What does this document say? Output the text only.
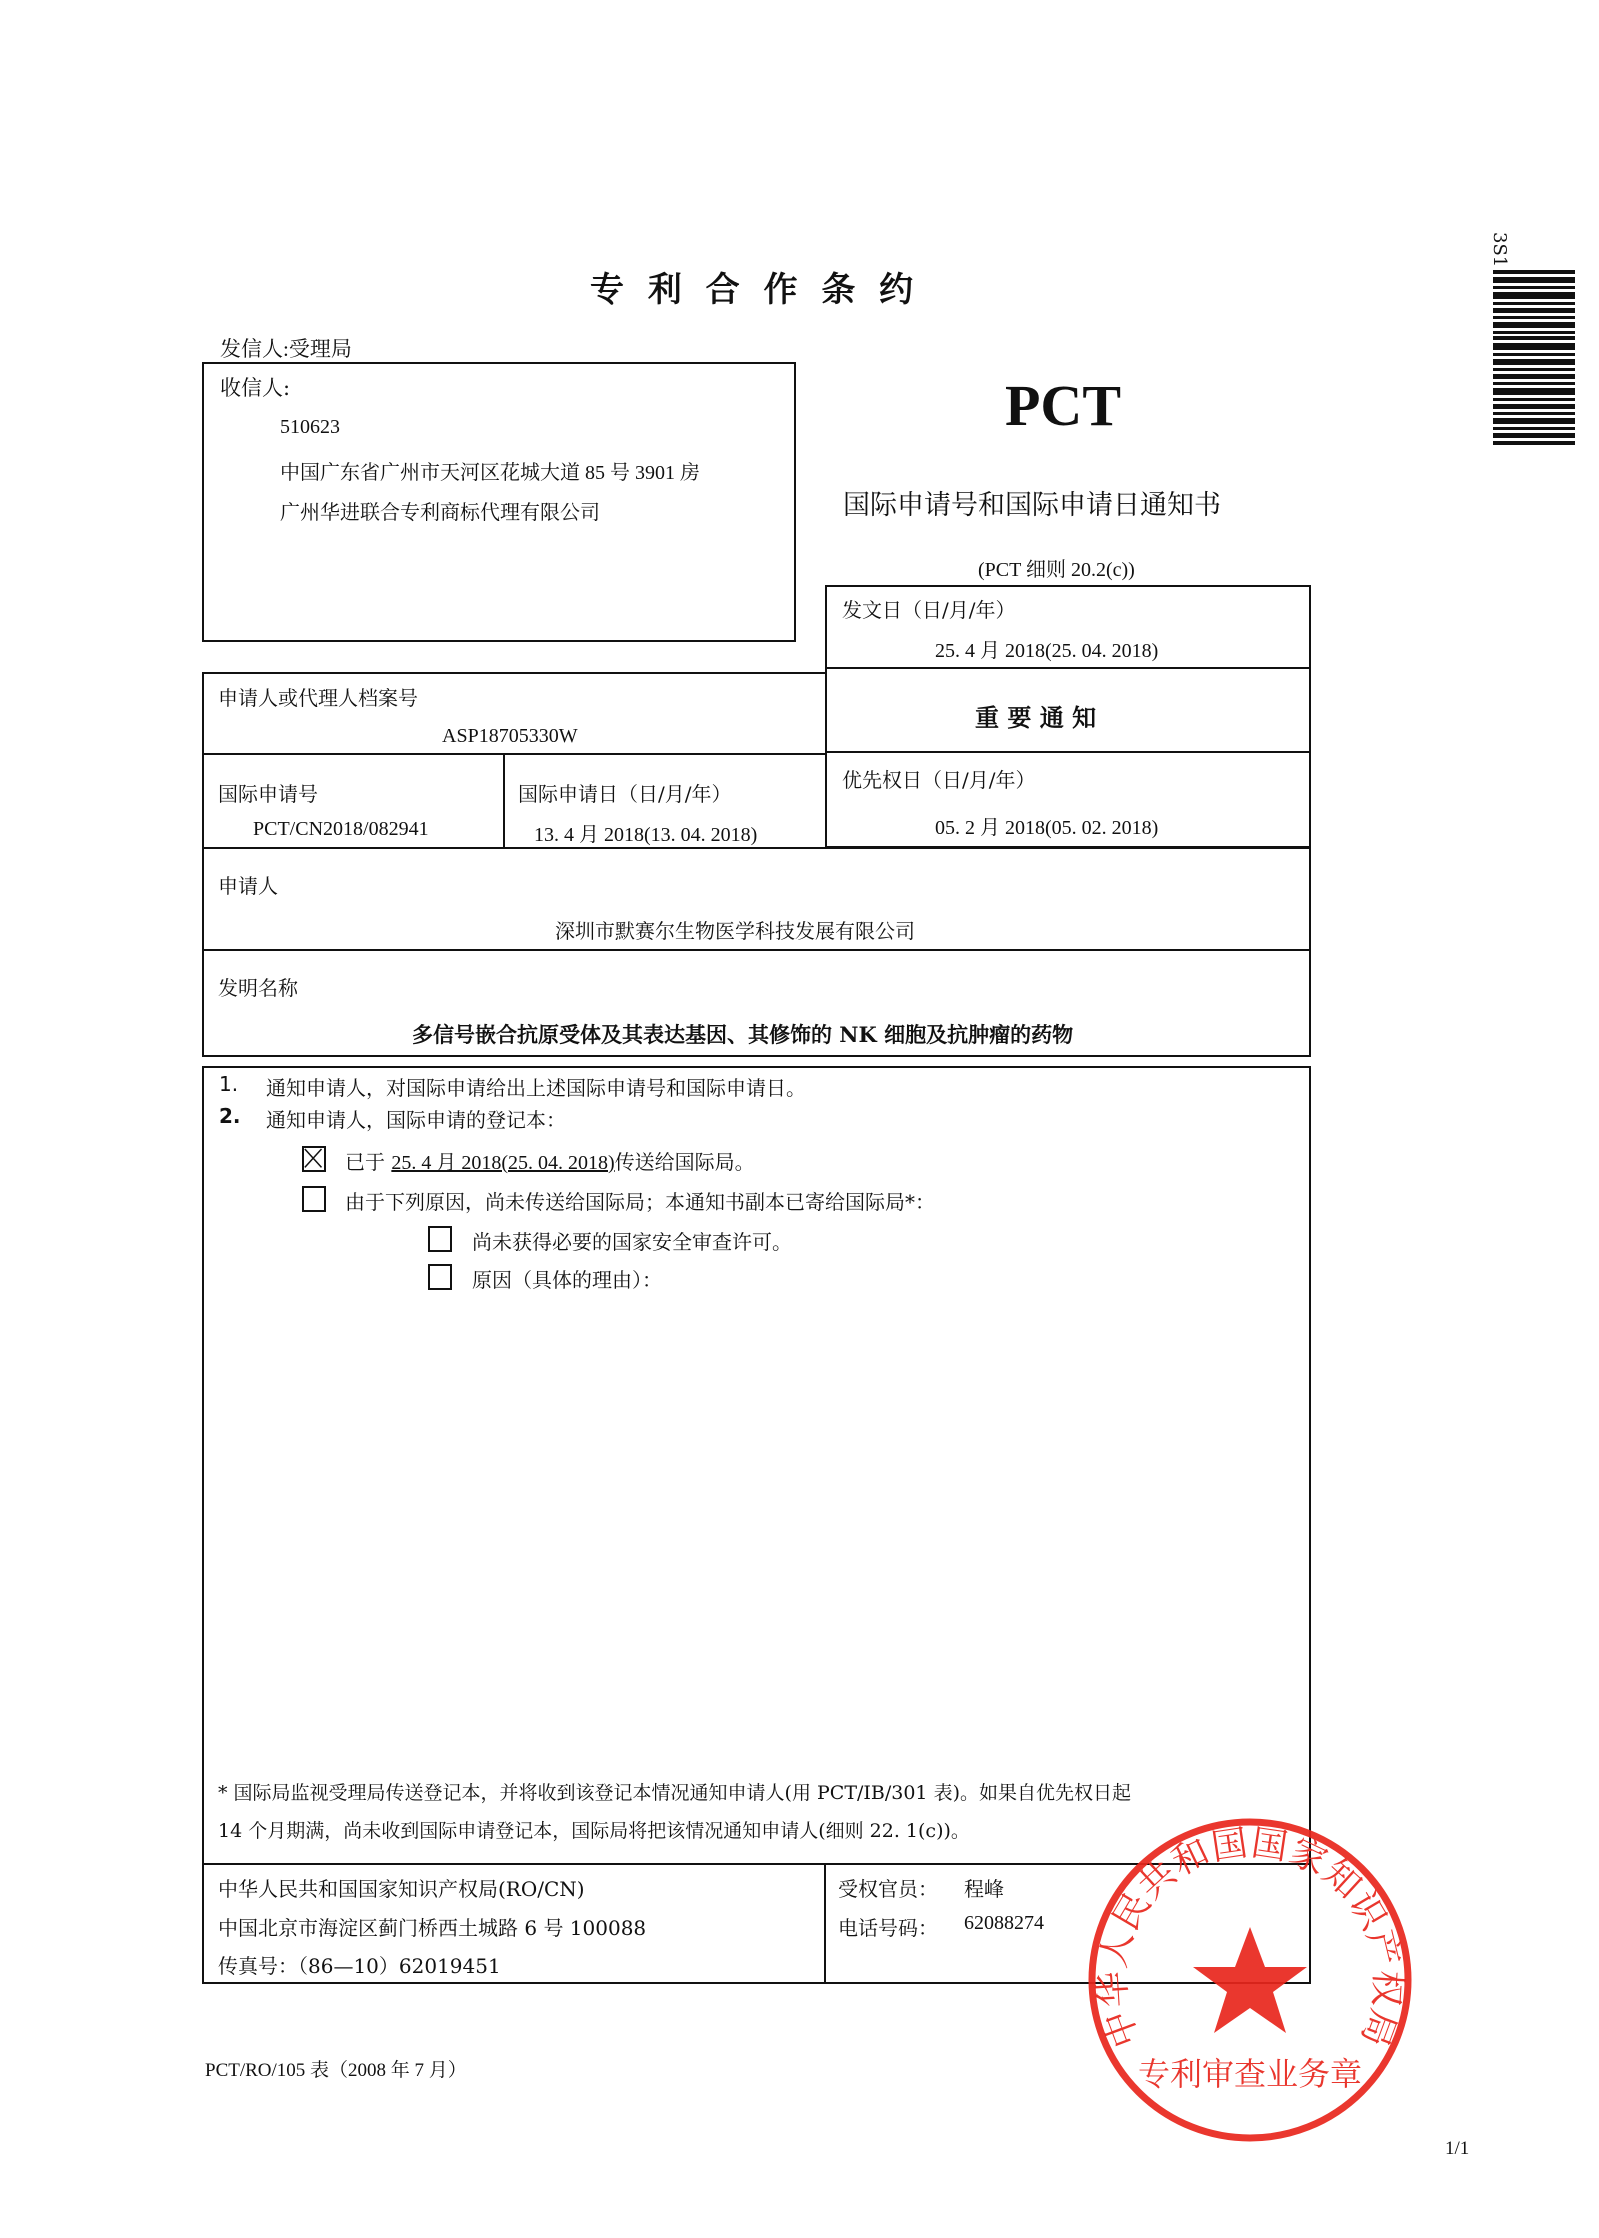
专 利 合 作 条 约
3S1
发信人:受理局
收信人:
510623
中国广东省广州市天河区花城大道 85 号 3901 房
广州华进联合专利商标代理有限公司
PCT
国际申请号和国际申请日通知书
(PCT 细则 20.2(c))
发文日（日/月/年）
25. 4 月 2018(25. 04. 2018)
重 要 通 知
优先权日（日/月/年）
05. 2 月 2018(05. 02. 2018)
申请人或代理人档案号
ASP18705330W
国际申请号
PCT/CN2018/082941
国际申请日（日/月/年）
13. 4 月 2018(13. 04. 2018)
申请人
深圳市默赛尔生物医学科技发展有限公司
发明名称
多信号嵌合抗原受体及其表达基因、其修饰的 NK 细胞及抗肿瘤的药物
1. 通知申请人，对国际申请给出上述国际申请号和国际申请日。
2. 通知申请人，国际申请的登记本：
已于 25. 4 月 2018(25. 04. 2018)传送给国际局。
由于下列原因，尚未传送给国际局；本通知书副本已寄给国际局*：
尚未获得必要的国家安全审查许可。
原因（具体的理由）：
* 国际局监视受理局传送登记本，并将收到该登记本情况通知申请人(用 PCT/IB/301 表)。如果自优先权日起
14 个月期满，尚未收到国际申请登记本，国际局将把该情况通知申请人(细则 22. 1(c))。
中华人民共和国国家知识产权局(RO/CN)
中国北京市海淀区蓟门桥西土城路 6 号 100088
传真号：（86—10）62019451
受权官员： 程峰
电话号码： 62088274
中华人民共和国国家知识产权局
专利审查业务章
PCT/RO/105 表（2008 年 7 月）
1/1
